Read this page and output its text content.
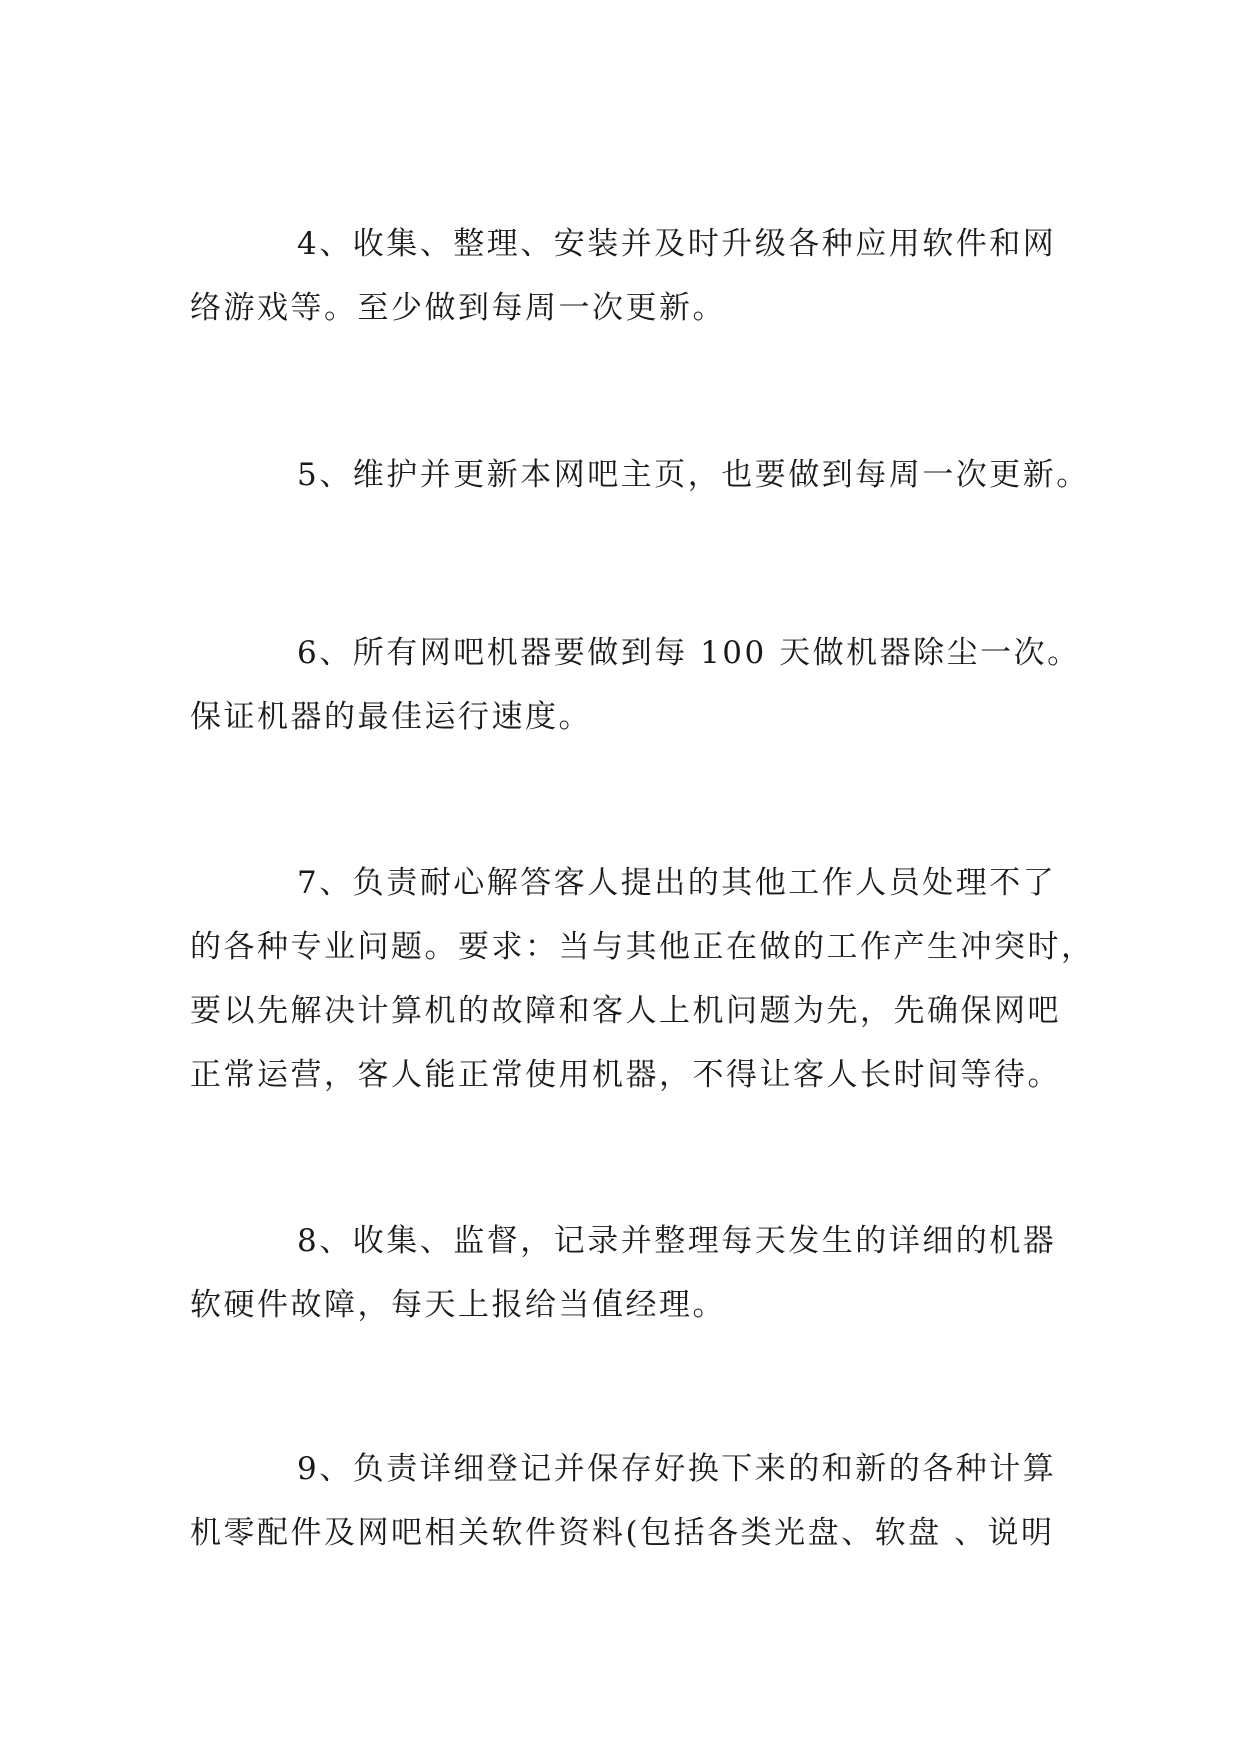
4、收集、整理、安装并及时升级各种应用软件和网
络游戏等。至少做到每周一次更新。

5、维护并更新本网吧主页，也要做到每周一次更新。

6、所有网吧机器要做到每 100 天做机器除尘一次。
保证机器的最佳运行速度。

7、负责耐心解答客人提出的其他工作人员处理不了
的各种专业问题。要求：当与其他正在做的工作产生冲突时，
要以先解决计算机的故障和客人上机问题为先，先确保网吧
正常运营，客人能正常使用机器，不得让客人长时间等待。

8、收集、监督，记录并整理每天发生的详细的机器
软硬件故障，每天上报给当值经理。

9、负责详细登记并保存好换下来的和新的各种计算
机零配件及网吧相关软件资料(包括各类光盘、软盘 、说明
